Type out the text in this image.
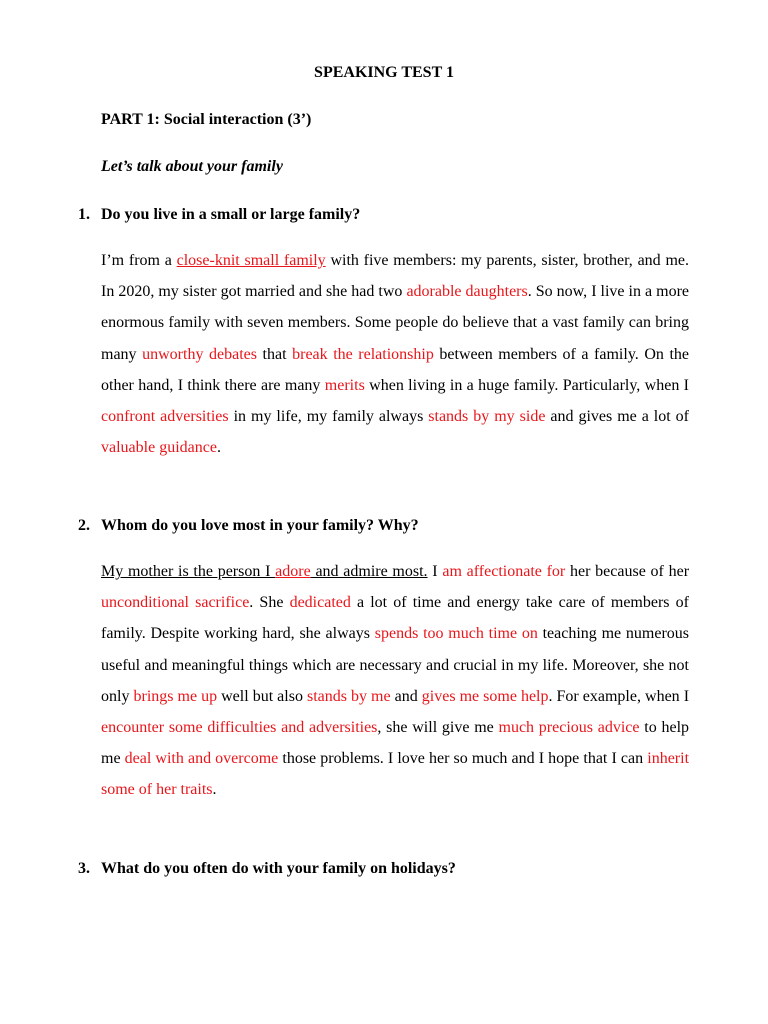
SPEAKING TEST 1
PART 1: Social interaction (3’)
Let’s talk about your family
1. Do you live in a small or large family?
I’m from a close-knit small family with five members: my parents, sister, brother, and me. In 2020, my sister got married and she had two adorable daughters. So now, I live in a more enormous family with seven members. Some people do believe that a vast family can bring many unworthy debates that break the relationship between members of a family. On the other hand, I think there are many merits when living in a huge family. Particularly, when I confront adversities in my life, my family always stands by my side and gives me a lot of valuable guidance.
2. Whom do you love most in your family? Why?
My mother is the person I adore and admire most. I am affectionate for her because of her unconditional sacrifice. She dedicated a lot of time and energy take care of members of family. Despite working hard, she always spends too much time on teaching me numerous useful and meaningful things which are necessary and crucial in my life. Moreover, she not only brings me up well but also stands by me and gives me some help. For example, when I encounter some difficulties and adversities, she will give me much precious advice to help me deal with and overcome those problems. I love her so much and I hope that I can inherit some of her traits.
3. What do you often do with your family on holidays?
